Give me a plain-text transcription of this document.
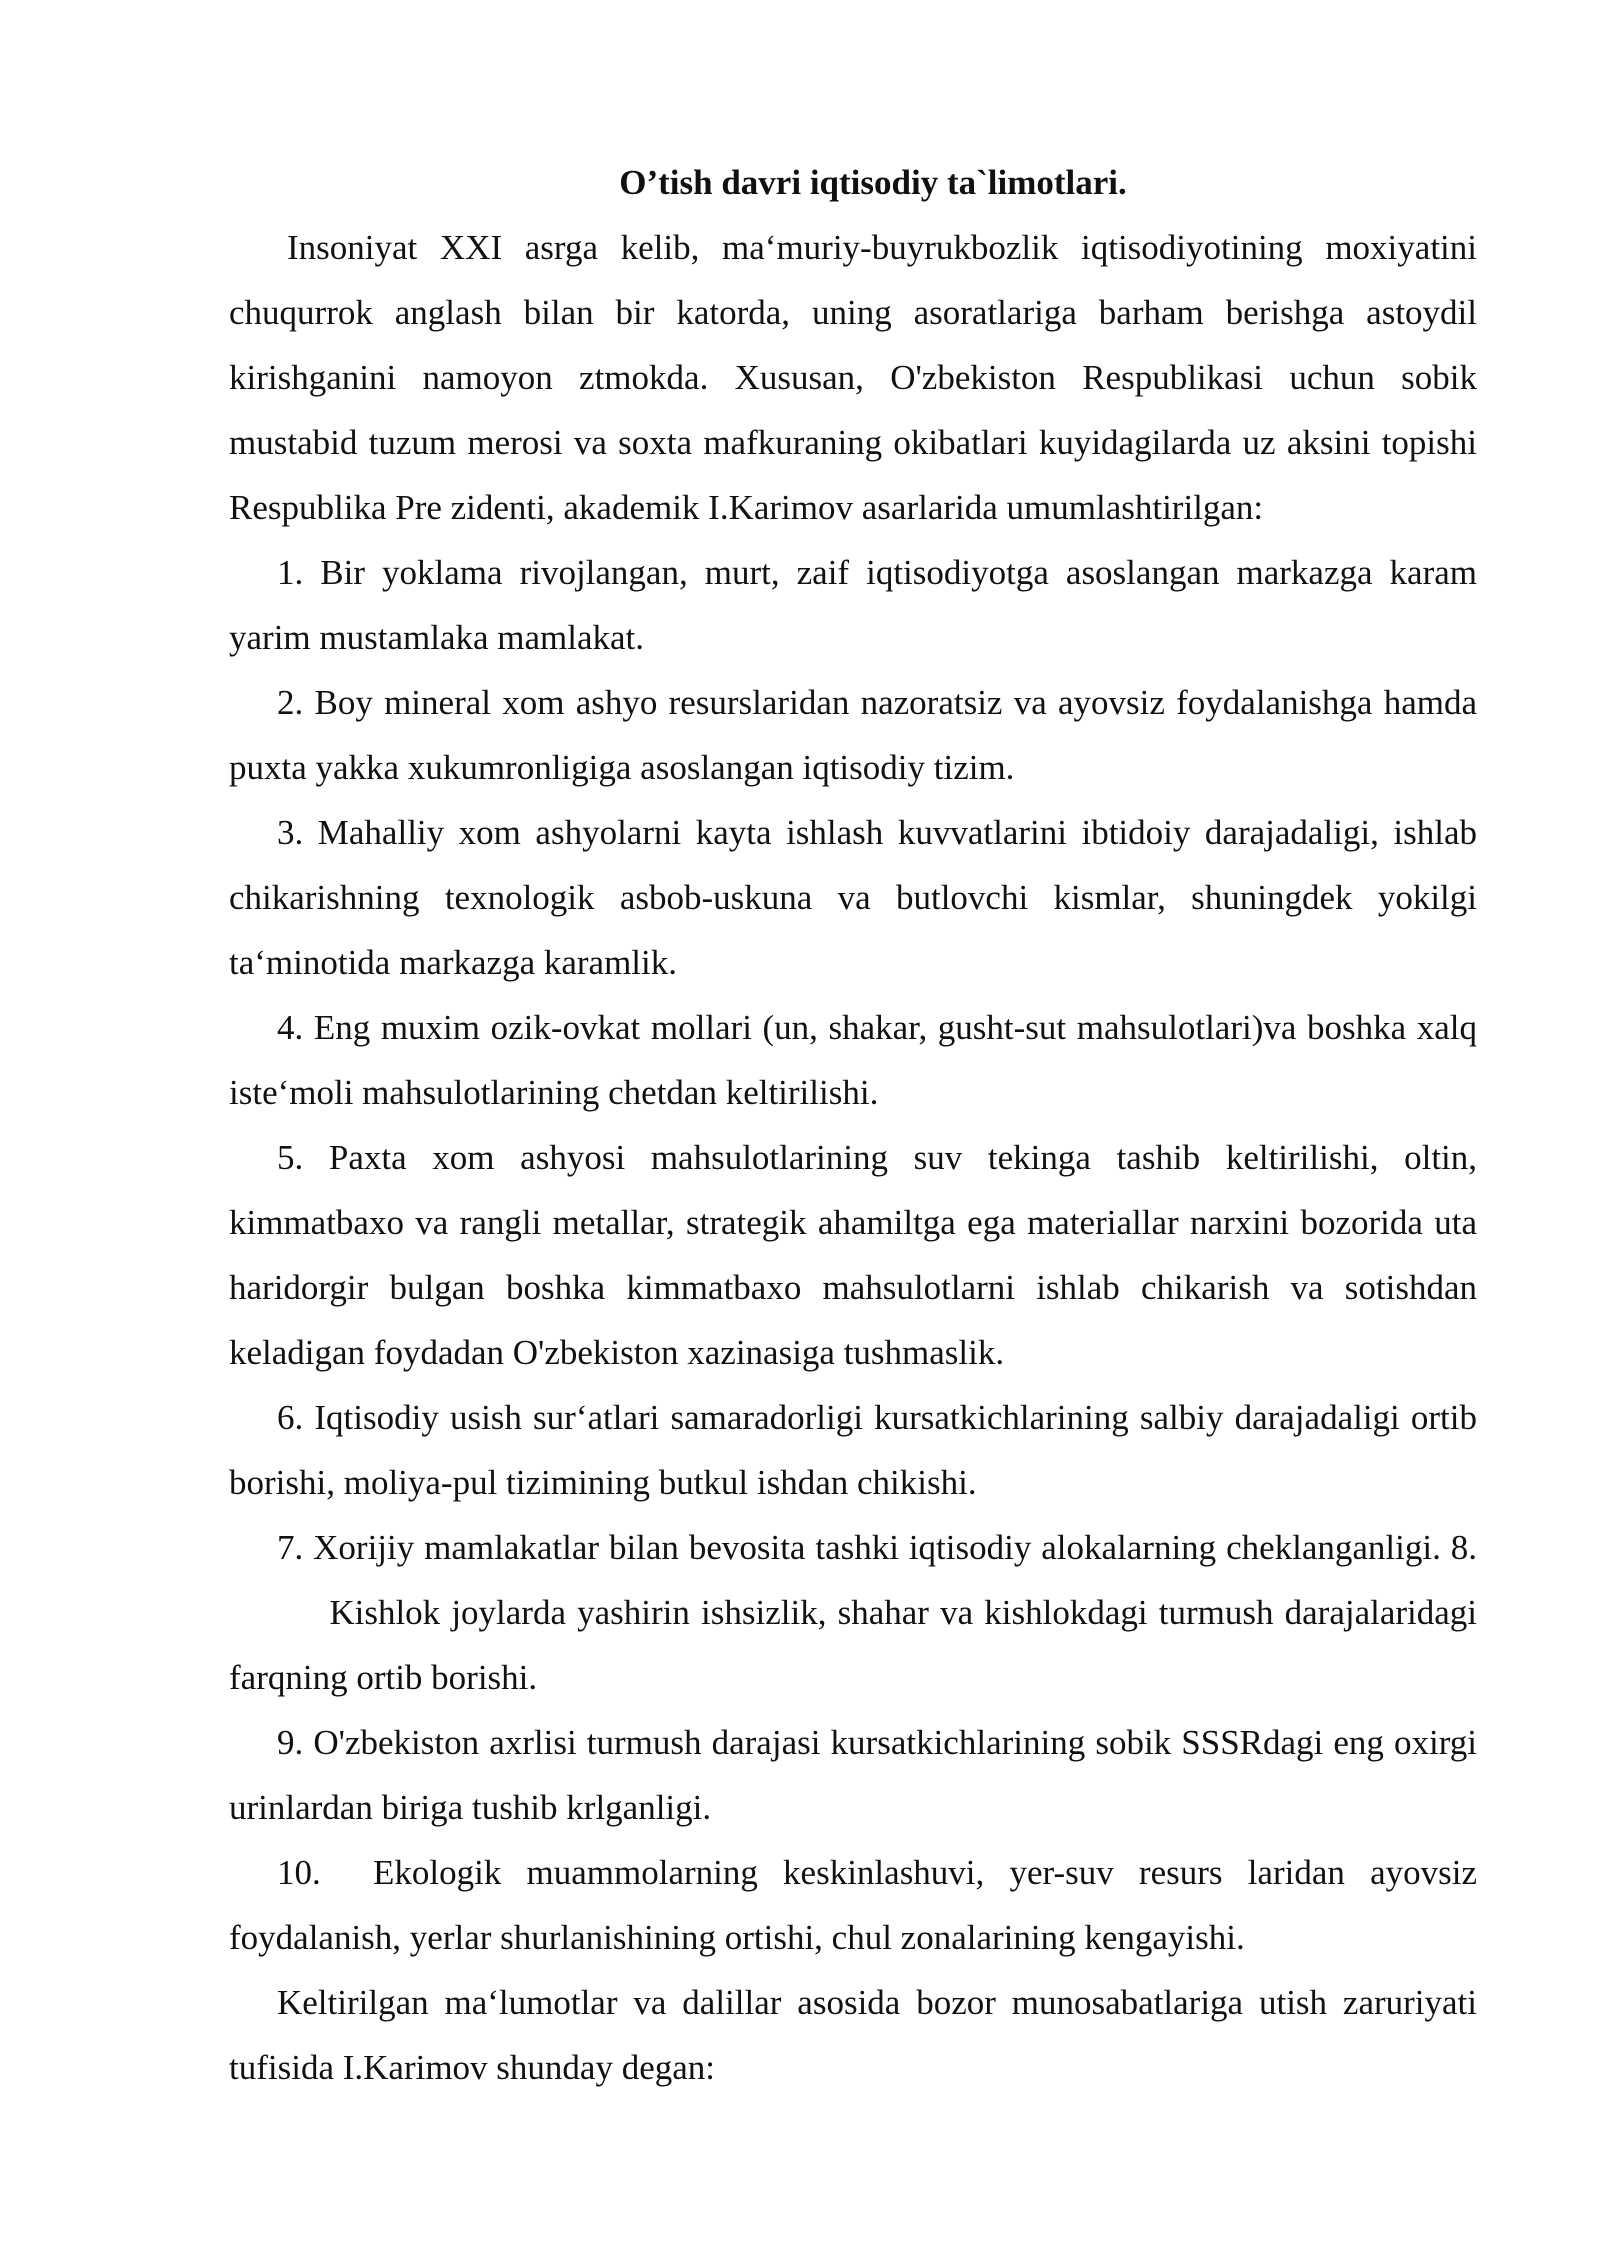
O’tish davri iqtisodiy ta`limotlari.

Insoniyat XXI asrga kelib, ma‘muriy-buyrukbozlik iqtisodiyotining moxiyatini chuqurrok anglash bilan bir katorda, uning asoratlariga barham berishga astoydil kirishganini namoyon ztmokda. Xususan, O'zbekiston Respublikasi uchun sobik mustabid tuzum merosi va soxta mafkuraning okibatlari kuyidagilarda uz aksini topishi Respublika Pre zidenti, akademik I.Karimov asarlarida umumlashtirilgan:

1. Bir yoklama rivojlangan, murt, zaif iqtisodiyotga asoslangan markazga karam yarim mustamlaka mamlakat.

2. Boy mineral xom ashyo resurslaridan nazoratsiz va ayovsiz foydalanishga hamda puxta yakka xukumronligiga asoslangan iqtisodiy tizim.

3. Mahalliy xom ashyolarni kayta ishlash kuvvatlarini ibtidoiy darajadaligi, ishlab chikarishning texnologik asbob-uskuna va butlovchi kismlar, shuningdek yokilgi ta‘minotida markazga karamlik.

4. Eng muxim ozik-ovkat mollari (un, shakar, gusht-sut mahsulotlari)va boshka xalq iste‘moli mahsulotlarining chetdan keltirilishi.

5. Paxta xom ashyosi mahsulotlarining suv tekinga tashib keltirilishi, oltin, kimmatbaxo va rangli metallar, strategik ahamiltga ega materiallar narxini bozorida uta haridorgir bulgan boshka kimmatbaxo mahsulotlarni ishlab chikarish va sotishdan keladigan foydadan O'zbekiston xazinasiga tushmaslik.

6. Iqtisodiy usish sur‘atlari samaradorligi kursatkichlarining salbiy darajadaligi ortib borishi, moliya-pul tizimining butkul ishdan chikishi.

7. Xorijiy mamlakatlar bilan bevosita tashki iqtisodiy alokalarning cheklanganligi. 8.         Kishlok joylarda yashirin ishsizlik, shahar va kishlokdagi turmush darajalaridagi farqning ortib borishi.

9. O'zbekiston axrlisi turmush darajasi kursatkichlarining sobik SSSRdagi eng oxirgi urinlardan biriga tushib krlganligi.

10. Ekologik muammolarning keskinlashuvi, yer-suv resurs laridan ayovsiz foydalanish, yerlar shurlanishining ortishi, chul zonalarining kengayishi.

Keltirilgan ma‘lumotlar va dalillar asosida bozor munosabatlariga utish zaruriyati tufisida I.Karimov shunday degan:
